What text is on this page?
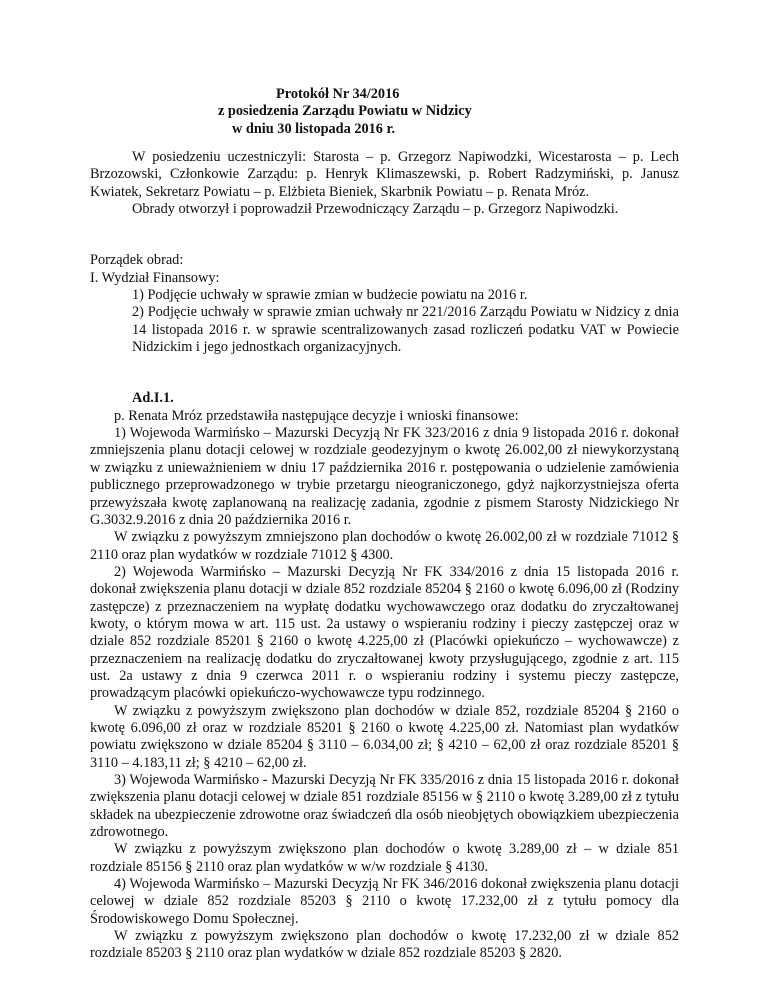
Protokół Nr 34/2016
z posiedzenia Zarządu Powiatu w Nidzicy
w dniu 30 listopada 2016 r.

W posiedzeniu uczestniczyli: Starosta – p. Grzegorz Napiwodzki, Wicestarosta – p. Lech Brzozowski, Członkowie Zarządu: p. Henryk Klimaszewski, p. Robert Radzymiński, p. Janusz Kwiatek, Sekretarz Powiatu – p. Elżbieta Bieniek, Skarbnik Powiatu – p. Renata Mróz.

Obrady otworzył i poprowadził Przewodniczący Zarządu – p. Grzegorz Napiwodzki.

Porządek obrad:

I. Wydział Finansowy:

1) Podjęcie uchwały w sprawie zmian w budżecie powiatu na 2016 r.

2) Podjęcie uchwały w sprawie zmian uchwały nr 221/2016 Zarządu Powiatu w Nidzicy z dnia 14 listopada 2016 r. w sprawie scentralizowanych zasad rozliczeń podatku VAT w Powiecie Nidzickim i jego jednostkach organizacyjnych.

Ad.I.1.

p. Renata Mróz przedstawiła następujące decyzje i wnioski finansowe:

1) Wojewoda Warmińsko – Mazurski Decyzją Nr FK 323/2016 z dnia 9 listopada 2016 r. dokonał zmniejszenia planu dotacji celowej w rozdziale geodezyjnym o kwotę 26.002,00 zł niewykorzystaną w związku z unieważnieniem w dniu 17 października 2016 r. postępowania o udzielenie zamówienia publicznego przeprowadzonego w trybie przetargu nieograniczonego, gdyż najkorzystniejsza oferta przewyższała kwotę zaplanowaną na realizację zadania, zgodnie z pismem Starosty Nidzickiego Nr G.3032.9.2016 z dnia 20 października 2016 r.

W związku z powyższym zmniejszono plan dochodów o kwotę 26.002,00 zł w rozdziale 71012 § 2110 oraz plan wydatków w rozdziale 71012 § 4300.

2) Wojewoda Warmińsko – Mazurski Decyzją Nr FK 334/2016 z dnia 15 listopada 2016 r. dokonał zwiększenia planu dotacji w dziale 852 rozdziale 85204 § 2160 o kwotę 6.096,00 zł (Rodziny zastępcze) z przeznaczeniem na wypłatę dodatku wychowawczego oraz dodatku do zryczałtowanej kwoty, o którym mowa w art. 115 ust. 2a ustawy o wspieraniu rodziny i pieczy zastępczej oraz w dziale 852 rozdziale 85201 § 2160 o kwotę 4.225,00 zł (Placówki opiekuńczo – wychowawcze) z przeznaczeniem na realizację dodatku do zryczałtowanej kwoty przysługującego, zgodnie z art. 115 ust. 2a ustawy z dnia 9 czerwca 2011 r. o wspieraniu rodziny i systemu pieczy zastępcze, prowadzącym placówki opiekuńczo-wychowawcze typu rodzinnego.

W związku z powyższym zwiększono plan dochodów w dziale 852, rozdziale 85204 § 2160 o kwotę 6.096,00 zł oraz w rozdziale 85201 § 2160 o kwotę 4.225,00 zł. Natomiast plan wydatków powiatu zwiększono w dziale 85204 § 3110 – 6.034,00 zł; § 4210 – 62,00 zł oraz rozdziale 85201 § 3110 – 4.183,11 zł; § 4210 – 62,00 zł.

3) Wojewoda Warmińsko - Mazurski Decyzją Nr FK 335/2016 z dnia 15 listopada 2016 r. dokonał zwiększenia planu dotacji celowej w dziale 851 rozdziale 85156 w § 2110 o kwotę 3.289,00 zł z tytułu składek na ubezpieczenie zdrowotne oraz świadczeń dla osób nieobjętych obowiązkiem ubezpieczenia zdrowotnego.

W związku z powyższym zwiększono plan dochodów o kwotę 3.289,00 zł – w dziale 851 rozdziale 85156 § 2110 oraz plan wydatków w w/w rozdziale § 4130.

4) Wojewoda Warmińsko – Mazurski Decyzją Nr FK 346/2016 dokonał zwiększenia planu dotacji celowej w dziale 852 rozdziale 85203 § 2110 o kwotę 17.232,00 zł z tytułu pomocy dla Środowiskowego Domu Społecznej.

W związku z powyższym zwiększono plan dochodów o kwotę 17.232,00 zł w dziale 852 rozdziale 85203 § 2110 oraz plan wydatków w dziale 852 rozdziale 85203 § 2820.
